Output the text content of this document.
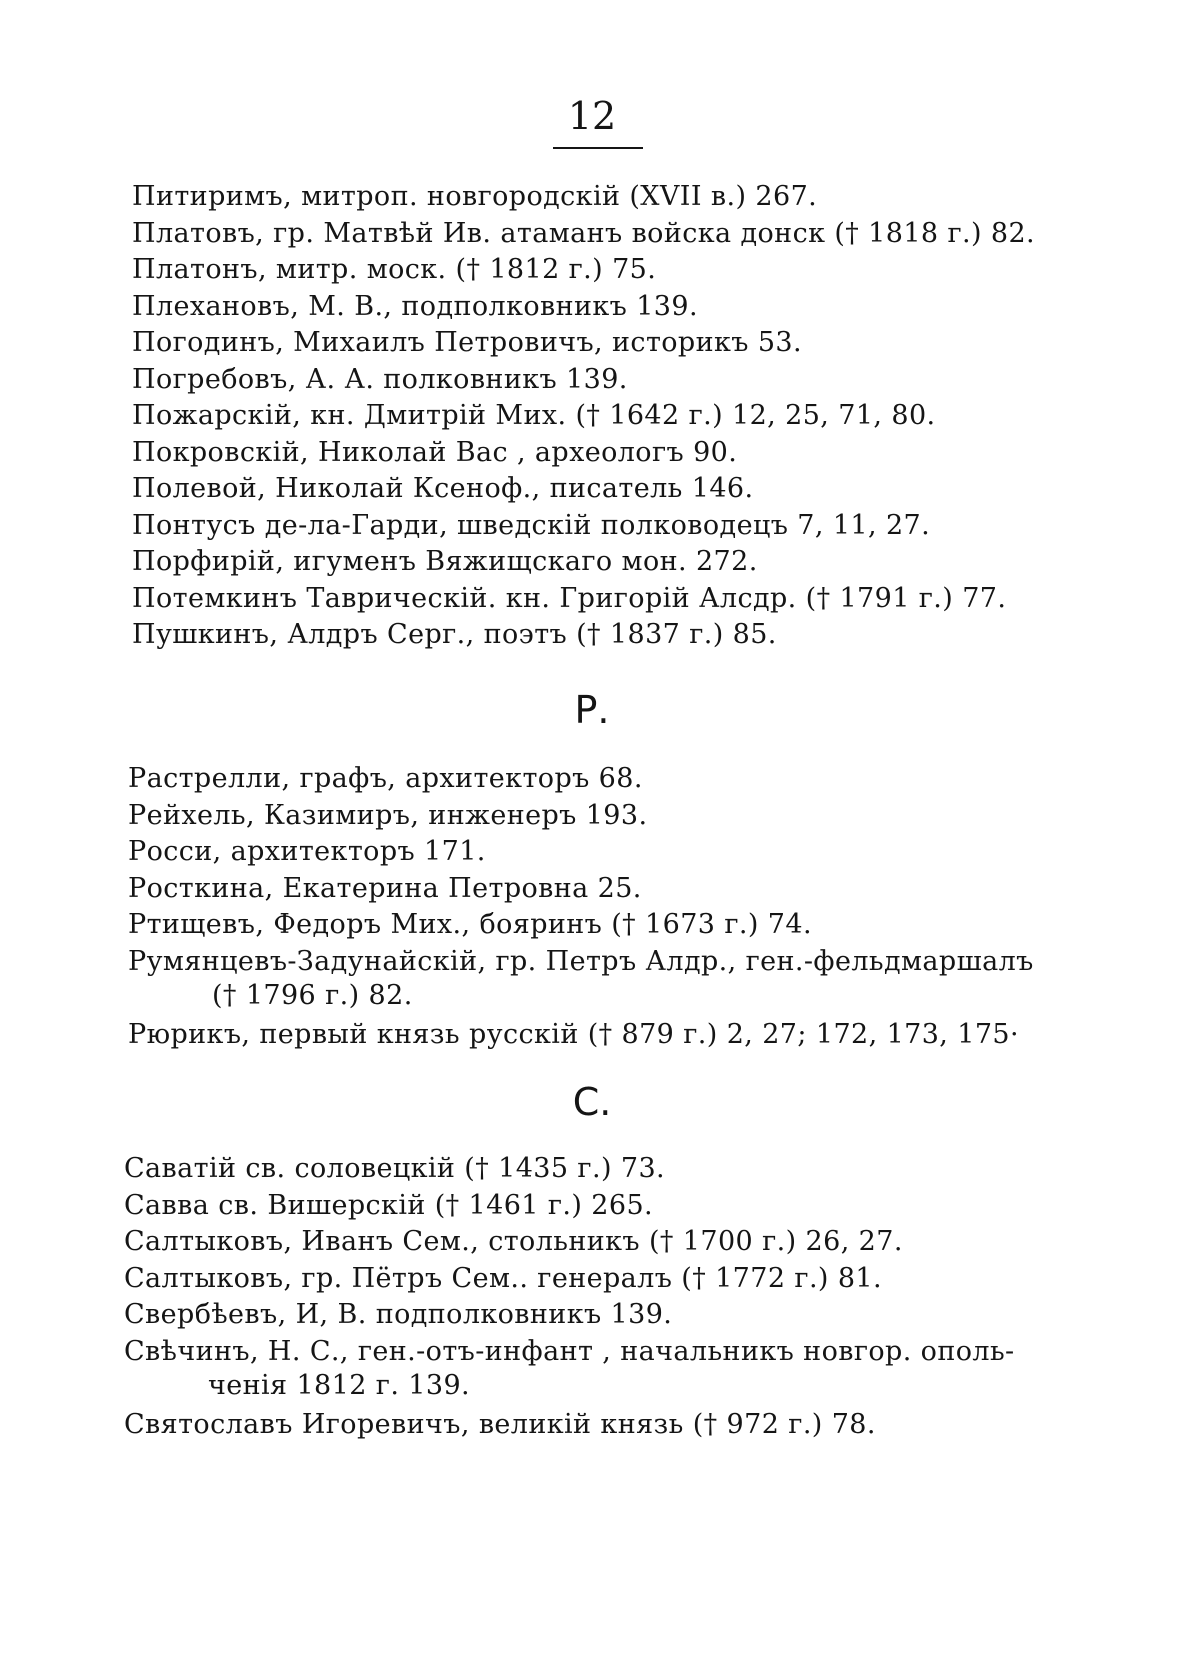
12
Питиримъ, митроп. новгородскій (XVII в.) 267.
Платовъ, гр. Матвѣй Ив. атаманъ войска донск († 1818 г.) 82.
Платонъ, митр. моск. († 1812 г.) 75.
Плехановъ, М. В., подполковникъ 139.
Погодинъ, Михаилъ Петровичъ, историкъ 53.
Погребовъ, А. А. полковникъ 139.
Пожарскій, кн. Дмитрій Мих. († 1642 г.) 12, 25, 71, 80.
Покровскій, Николай Вас , археологъ 90.
Полевой, Николай Ксеноф., писатель 146.
Понтусъ де-ла-Гарди, шведскій полководецъ 7, 11, 27.
Порфирій, игуменъ Вяжищскаго мон. 272.
Потемкинъ Таврическій. кн. Григорій Алсдр. († 1791 г.) 77.
Пушкинъ, Алдръ Серг., поэтъ († 1837 г.) 85.
Р.
Растрелли, графъ, архитекторъ 68.
Рейхель, Казимиръ, инженеръ 193.
Росси, архитекторъ 171.
Росткина, Екатерина Петровна 25.
Ртищевъ, Федоръ Мих., бояринъ († 1673 г.) 74.
Румянцевъ-Задунайскій, гр. Петръ Алдр., ген.-фельдмаршалъ

(† 1796 г.) 82.
Рюрикъ, первый князь русскій († 879 г.) 2, 27; 172, 173, 175·
С.
Саватій св. соловецкій († 1435 г.) 73.
Савва св. Вишерскій († 1461 г.) 265.
Салтыковъ, Иванъ Сем., стольникъ († 1700 г.) 26, 27.
Салтыковъ, гр. Пётръ Сем.. генералъ († 1772 г.) 81.
Свербѣевъ, И, В. подполковникъ 139.
Свѣчинъ, Н. С., ген.-отъ-инфант , начальникъ новгор. ополь-

ченія 1812 г. 139.
Святославъ Игоревичъ, великій князь († 972 г.) 78.
